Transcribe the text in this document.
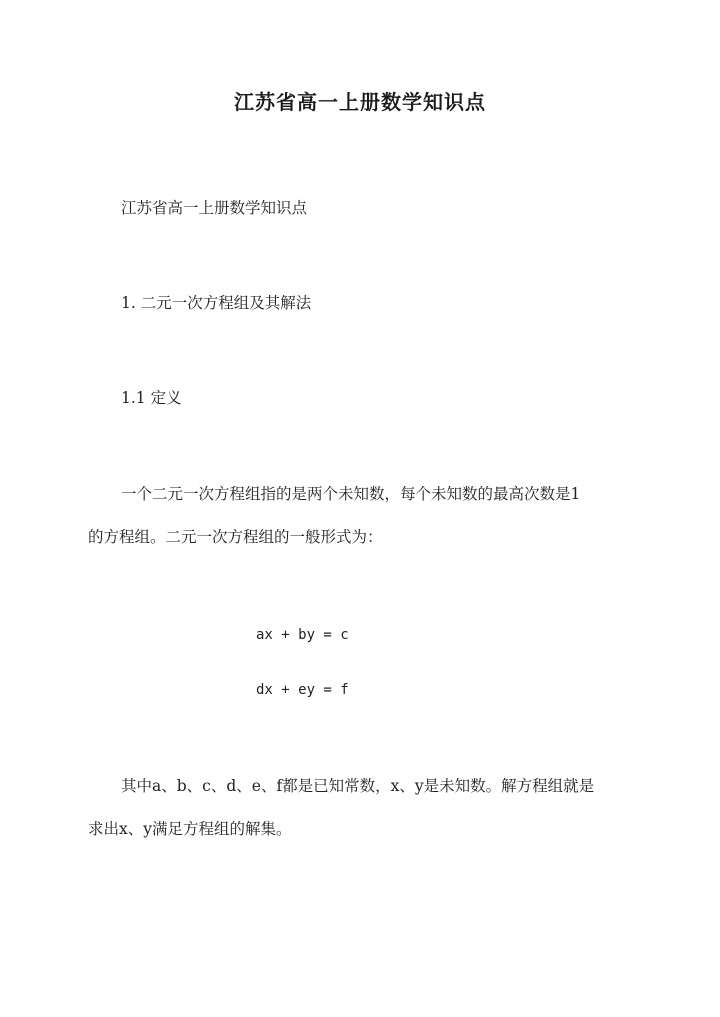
江苏省高一上册数学知识点
江苏省高一上册数学知识点
1. 二元一次方程组及其解法
1.1 定义
一个二元一次方程组指的是两个未知数，每个未知数的最高次数是1
的方程组。二元一次方程组的一般形式为：
ax + by = c
dx + ey = f
其中a、b、c、d、e、f都是已知常数，x、y是未知数。解方程组就是
求出x、y满足方程组的解集。
